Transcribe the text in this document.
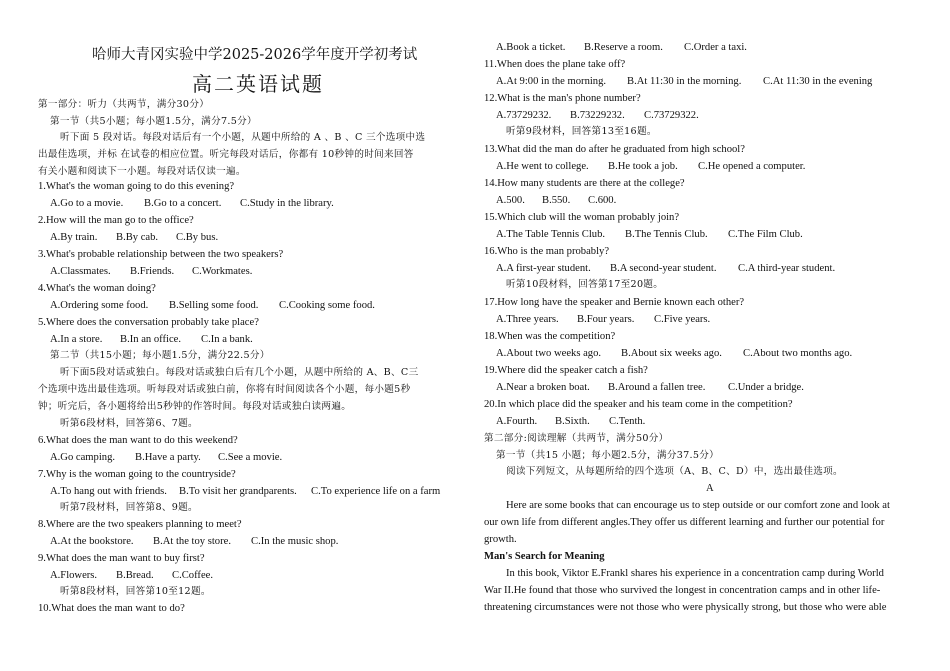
哈师大青冈实验中学2025-2026学年度开学初考试
高二英语试题
第一部分：听力（共两节，满分30分）
第一节（共5小题；每小题1.5分，满分7.5分）
听下面 5 段对话。每段对话后有一个小题，从题中所给的 A 、B 、C 三个选项中选
出最佳选项，并标 在试卷的相应位置。听完每段对话后，你都有 10秒钟的时间来回答
有关小题和阅读下一小题。每段对话仅读一遍。
1.What's the woman going to do this evening?
A.Go to a movie. B.Go to a concert. C.Study in the library.
2.How will the man go to the office?
A.By train. B.By cab. C.By bus.
3.What's probable relationship between the two speakers?
A.Classmates. B.Friends. C.Workmates.
4.What's the woman doing?
A.Ordering some food. B.Selling some food. C.Cooking some food.
5.Where does the conversation probably take place?
A.In a store. B.In an office. C.In a bank.
第二节（共15小题；每小题1.5分，满分22.5分）
听下面5段对话或独白。每段对话或独白后有几个小题，从题中所给的 A、B、C三
个选项中选出最佳选项。听每段对话或独白前，你将有时间阅读各个小题，每小题5秒
钟；听完后，各小题将给出5秒钟的作答时间。每段对话或独白读两遍。
听第6段材料，回答第6、7题。
6.What does the man want to do this weekend?
A.Go camping. B.Have a party. C.See a movie.
7.Why is the woman going to the countryside?
A.To hang out with friends. B.To visit her grandparents. C.To experience life on a farm
听第7段材料，回答第8、9题。
8.Where are the two speakers planning to meet?
A.At the bookstore. B.At the toy store. C.In the music shop.
9.What does the man want to buy first?
A.Flowers. B.Bread. C.Coffee.
听第8段材料，回答第10至12题。
10.What does the man want to do?
A.Book a ticket. B.Reserve a room. C.Order a taxi.
11.When does the plane take off?
A.At 9:00 in the morning. B.At 11:30 in the morning. C.At 11:30 in the evening
12.What is the man's phone number?
A.73729232. B.73229232. C.73729322.
听第9段材料，回答第13至16题。
13.What did the man do after he graduated from high school?
A.He went to college. B.He took a job. C.He opened a computer.
14.How many students are there at the college?
A.500. B.550. C.600.
15.Which club will the woman probably join?
A.The Table Tennis Club. B.The Tennis Club. C.The Film Club.
16.Who is the man probably?
A.A first-year student. B.A second-year student. C.A third-year student.
听第10段材料，回答第17至20题。
17.How long have the speaker and Bernie known each other?
A.Three years. B.Four years. C.Five years.
18.When was the competition?
A.About two weeks ago. B.About six weeks ago. C.About two months ago.
19.Where did the speaker catch a fish?
A.Near a broken boat. B.Around a fallen tree. C.Under a bridge.
20.In which place did the speaker and his team come in the competition?
A.Fourth. B.Sixth. C.Tenth.
第二部分:阅读理解（共两节，满分50分）
第一节（共15 小题；每小题2.5分，满分37.5分）
阅读下列短文，从每题所给的四个选项（A、B、C、D）中，选出最佳选项。
A
Here are some books that can encourage us to step outside or our comfort zone and look at
our own life from different angles.They offer us different learning and further our potential for
growth.
Man's Search for Meaning
In this book, Viktor E.Frankl shares his experience in a concentration camp during World
War II.He found that those who survived the longest in concentration camps and in other life-
threatening circumstances were not those who were physically strong, but those who were able
